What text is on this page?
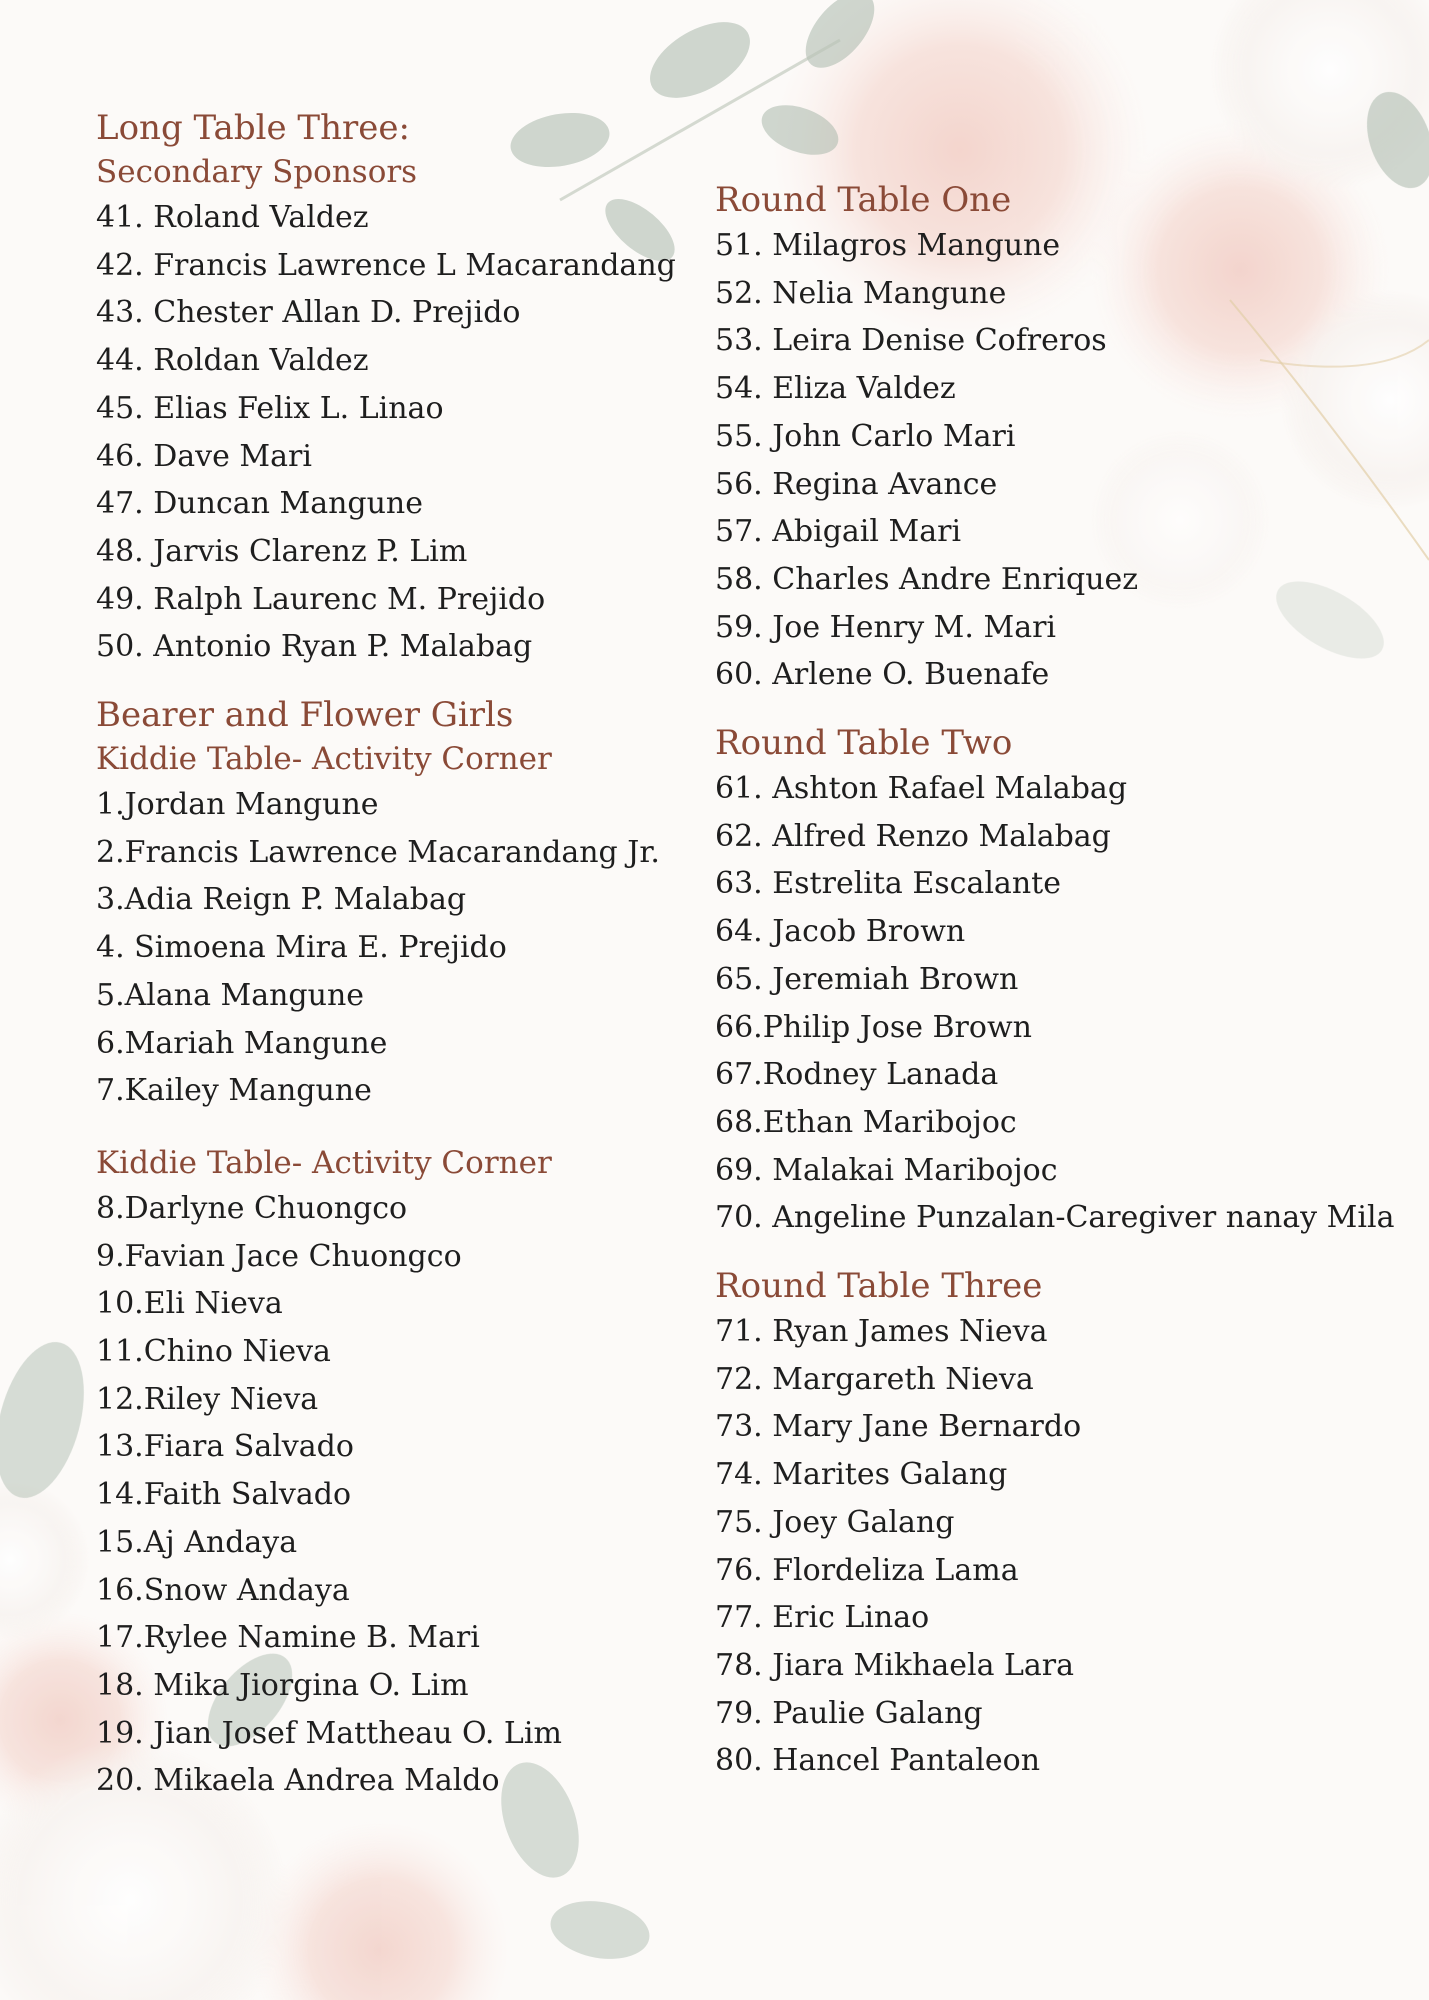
Long Table Three:
Secondary Sponsors
41. Roland Valdez
42. Francis Lawrence L Macarandang
43. Chester Allan D. Prejido
44. Roldan Valdez
45. Elias Felix L. Linao
46. Dave Mari
47. Duncan Mangune
48. Jarvis Clarenz P. Lim
49. Ralph Laurenc M. Prejido
50. Antonio Ryan P. Malabag
Bearer and Flower Girls
Kiddie Table- Activity Corner
1.Jordan Mangune
2.Francis Lawrence Macarandang Jr.
3.Adia Reign P. Malabag
4. Simoena Mira E. Prejido
5.Alana Mangune
6.Mariah Mangune
7.Kailey Mangune
Kiddie Table- Activity Corner
8.Darlyne Chuongco
9.Favian Jace Chuongco
10.Eli Nieva
11.Chino Nieva
12.Riley Nieva
13.Fiara Salvado
14.Faith Salvado
15.Aj Andaya
16.Snow Andaya
17.Rylee Namine B. Mari
18. Mika Jiorgina O. Lim
19. Jian Josef Mattheau O. Lim
20. Mikaela Andrea Maldo
Round Table One
51. Milagros Mangune
52. Nelia Mangune
53. Leira Denise Cofreros
54. Eliza Valdez
55. John Carlo Mari
56. Regina Avance
57. Abigail Mari
58. Charles Andre Enriquez
59. Joe Henry M. Mari
60. Arlene O. Buenafe
Round Table Two
61. Ashton Rafael Malabag
62. Alfred Renzo Malabag
63. Estrelita Escalante
64. Jacob Brown
65. Jeremiah Brown
66.Philip Jose Brown
67.Rodney Lanada
68.Ethan Maribojoc
69. Malakai Maribojoc
70. Angeline Punzalan-Caregiver nanay Mila
Round Table Three
71. Ryan James Nieva
72. Margareth Nieva
73. Mary Jane Bernardo
74. Marites Galang
75. Joey Galang
76. Flordeliza Lama
77. Eric Linao
78. Jiara Mikhaela Lara
79. Paulie Galang
80. Hancel Pantaleon
